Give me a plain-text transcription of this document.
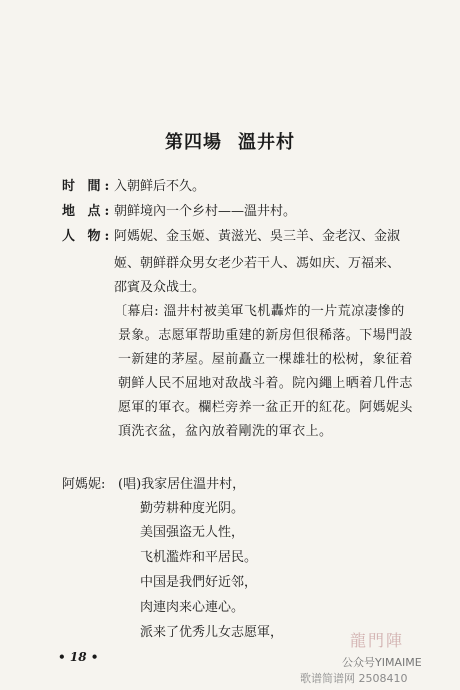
第四場 溫井村
时 間:入朝鲜后不久。
地 点:朝鲜境內一个乡村——溫井村。
人 物:阿媽妮、金玉姬、黃滋光、吳三羊、金老汉、金淑
姬、朝鲜群众男女老少若干人、馮如庆、万福来、
邵賓及众战士。
〔幕启: 溫井村被美軍飞机轟炸的一片荒凉凄慘的
景象。志愿軍帮助重建的新房但很稀落。下場門設
一新建的茅屋。屋前矗立一棵雄壮的松树，象征着
朝鲜人民不屈地对敌战斗着。院內繩上晒着几件志
愿軍的軍衣。欄栏旁养一盆正开的紅花。阿媽妮头
頂洗衣盆，盆內放着剛洗的軍衣上。
阿媽妮: (唱)我家居住溫井村，
勤劳耕种度光阴。
美国强盗无人性，
飞机濫炸和平居民。
中国是我們好近邻，
肉連肉来心連心。
派来了优秀儿女志愿軍，
• 18 •
龍門陣
公众号YIMAIME
歌谱简谱网 2508410
